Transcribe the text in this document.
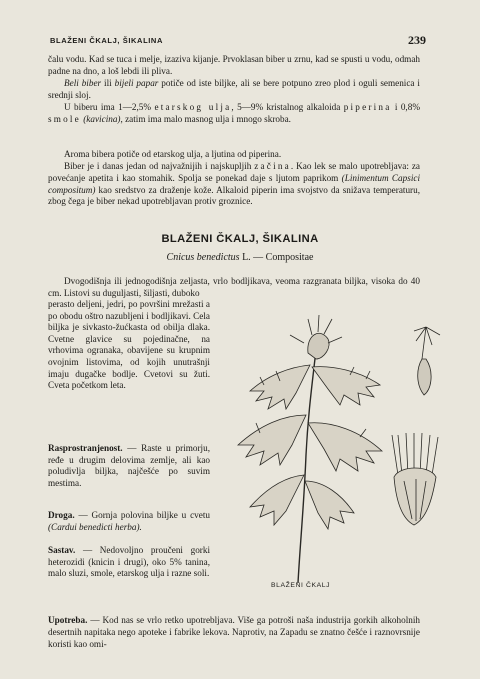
BLAŽENI ČKALJ, ŠIKALINA	239

čalu vodu. Kad se tuca i melje, izaziva kijanje. Prvoklasan biber u zrnu, kad se spusti u vodu, odmah padne na dno, a loš lebdi ili pliva.

Beli biber ili bijeli papar potiče od iste biljke, ali se bere potpuno zreo plod i oguli semenica i srednji sloj.

U biberu ima 1—2,5% etarskog ulja, 5—9% kristalnog alkaloida piperina i 0,8% smole (kavicina), zatim ima malo masnog ulja i mnogo skroba.

Aroma bibera potiče od etarskog ulja, a ljutina od piperina.

Biber je i danas jedan od najvažnijih i najskupljih začina. Kao lek se malo upotrebljava: za povećanje apetita i kao stomahik. Spolja se ponekad daje s ljutom paprikom (Linimentum Capsici compositum) kao sredstvo za draženje kože. Alkaloid piperin ima svojstvo da snižava temperaturu, zbog čega je biber nekad upotrebljavan protiv groznice.

BLAŽENI ČKALJ, ŠIKALINA
Cnicus benedictus L. — Compositae

Dvogodišnja ili jednogodišnja zeljasta, vrlo bodljikava, veoma razgranata biljka, visoka do 40 cm. Listovi su duguljasti, šiljasti, duboko

perasto deljeni, jedri, po površini mrežasti a po obodu oštro nazubljeni i bodljikavi. Cela biljka je sivkasto-žućkasta od obilja dlaka. Cvetne glavice su pojedinačne, na vrhovima ogranaka, obavijene su krupnim ovojnim listovima, od kojih unutrašnji imaju dugačke bodlje. Cvetovi su žuti. Cveta početkom leta.

Rasprostranjenost. — Raste u primorju, ređe u drugim delovima zemlje, ali kao poludivlja biljka, najčešće po suvim mestima.

Droga. — Gornja polovina biljke u cvetu (Cardui benedicti herba).

Sastav. — Nedovoljno proučeni gorki heterozidi (knicin i drugi), oko 5% tanina, malo sluzi, smole, etarskog ulja i razne soli.

Upotreba. — Kod nas se vrlo retko upotrebljava. Više ga potroši naša industrija gorkih alkoholnih desertnih napitaka nego apoteke i fabrike lekova. Naprotiv, na Zapadu se znatno češće i raznovrsnije koristi kao omi-

BLAŽENI ČKALJ
